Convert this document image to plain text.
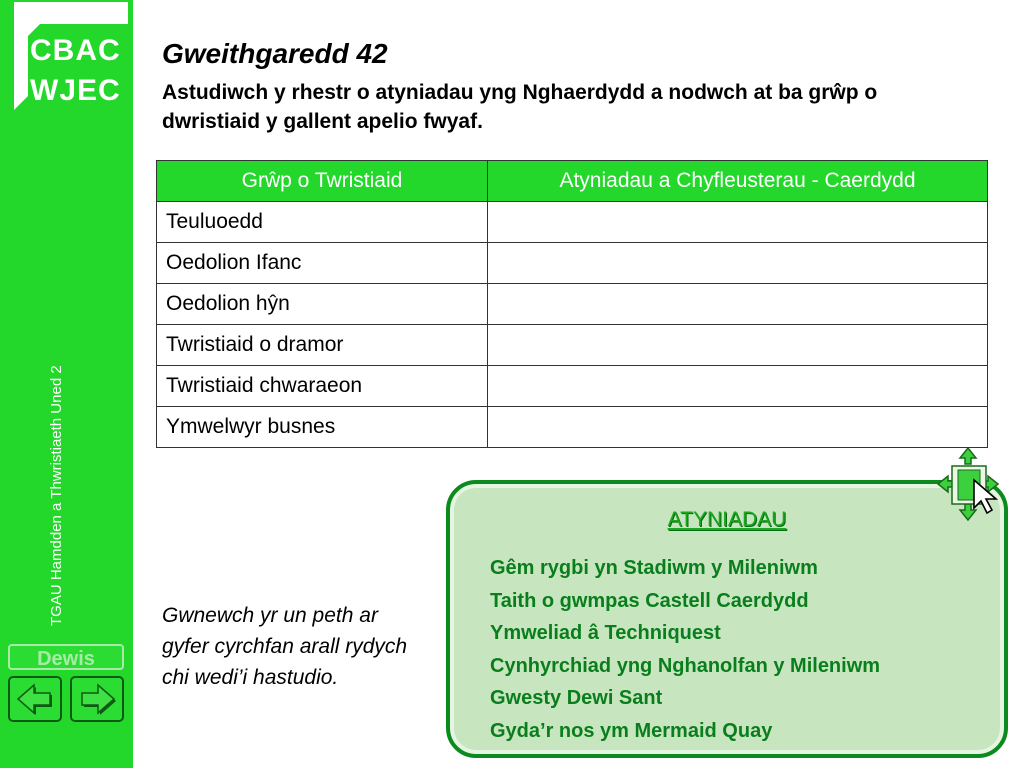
CBAC
WJEC
TGAU Hamdden a Thwristiaeth Uned 2
Dewis
Gweithgaredd 42
Astudiwch y rhestr o atyniadau yng Nghaerdydd a nodwch at ba grŵp o dwristiaid y gallent apelio fwyaf.
Grŵp o Twristiaid	Atyniadau a Chyfleusterau - Caerdydd
Teuluoedd	
Oedolion Ifanc	
Oedolion hŷn	
Twristiaid o dramor	
Twristiaid chwaraeon	
Ymwelwyr busnes	
Gwnewch yr un peth ar gyfer cyrchfan arall rydych chi wedi’i hastudio.
ATYNIADAU
Gêm rygbi yn Stadiwm y Mileniwm
Taith o gwmpas Castell Caerdydd
Ymweliad â Techniquest
Cynhyrchiad yng Nghanolfan y Mileniwm
Gwesty Dewi Sant
Gyda’r nos ym Mermaid Quay
